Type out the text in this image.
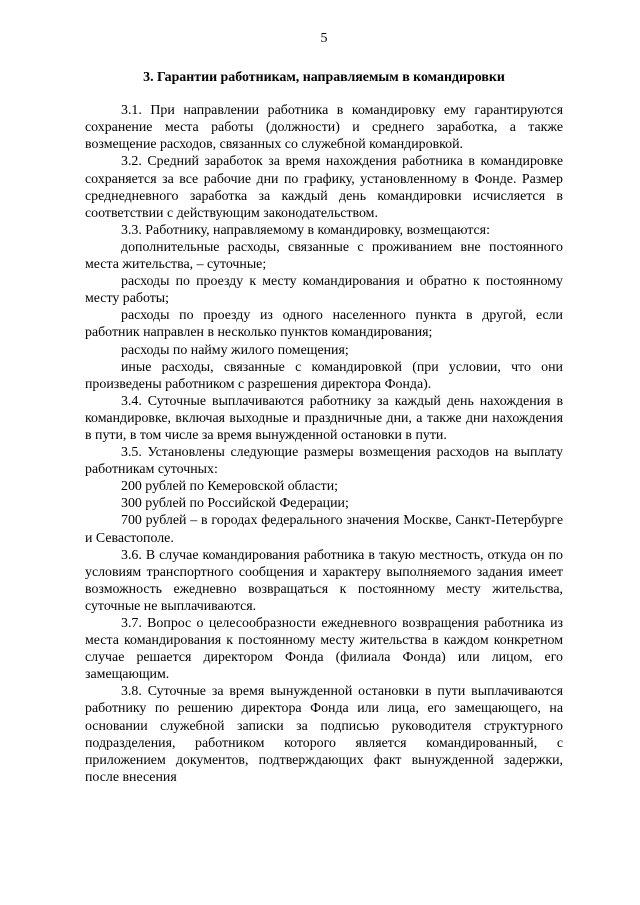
5
3. Гарантии работникам, направляемым в командировки

3.1. При направлении работника в командировку ему гарантируются сохранение места работы (должности) и среднего заработка, а также возмещение расходов, связанных со служебной командировкой.

3.2. Средний заработок за время нахождения работника в командировке сохраняется за все рабочие дни по графику, установленному в Фонде. Размер среднедневного заработка за каждый день командировки исчисляется в соответствии с действующим законодательством.

3.3. Работнику, направляемому в командировку, возмещаются:

дополнительные расходы, связанные с проживанием вне постоянного места жительства, – суточные;

расходы по проезду к месту командирования и обратно к постоянному месту работы;

расходы по проезду из одного населенного пункта в другой, если работник направлен в несколько пунктов командирования;

расходы по найму жилого помещения;

иные расходы, связанные с командировкой (при условии, что они произведены работником с разрешения директора Фонда).

3.4. Суточные выплачиваются работнику за каждый день нахождения в командировке, включая выходные и праздничные дни, а также дни нахождения в пути, в том числе за время вынужденной остановки в пути.

3.5. Установлены следующие размеры возмещения расходов на выплату работникам суточных:

200 рублей по Кемеровской области;

300 рублей по Российской Федерации;

700 рублей – в городах федерального значения Москве, Санкт-Петербурге и Севастополе.

3.6. В случае командирования работника в такую местность, откуда он по условиям транспортного сообщения и характеру выполняемого задания имеет возможность ежедневно возвращаться к постоянному месту жительства, суточные не выплачиваются.

3.7. Вопрос о целесообразности ежедневного возвращения работника из места командирования к постоянному месту жительства в каждом конкретном случае решается директором Фонда (филиала Фонда) или лицом, его замещающим.

3.8. Суточные за время вынужденной остановки в пути выплачиваются работнику по решению директора Фонда или лица, его замещающего, на основании служебной записки за подписью руководителя структурного подразделения, работником которого является командированный, с приложением документов, подтверждающих факт вынужденной задержки, после внесения
